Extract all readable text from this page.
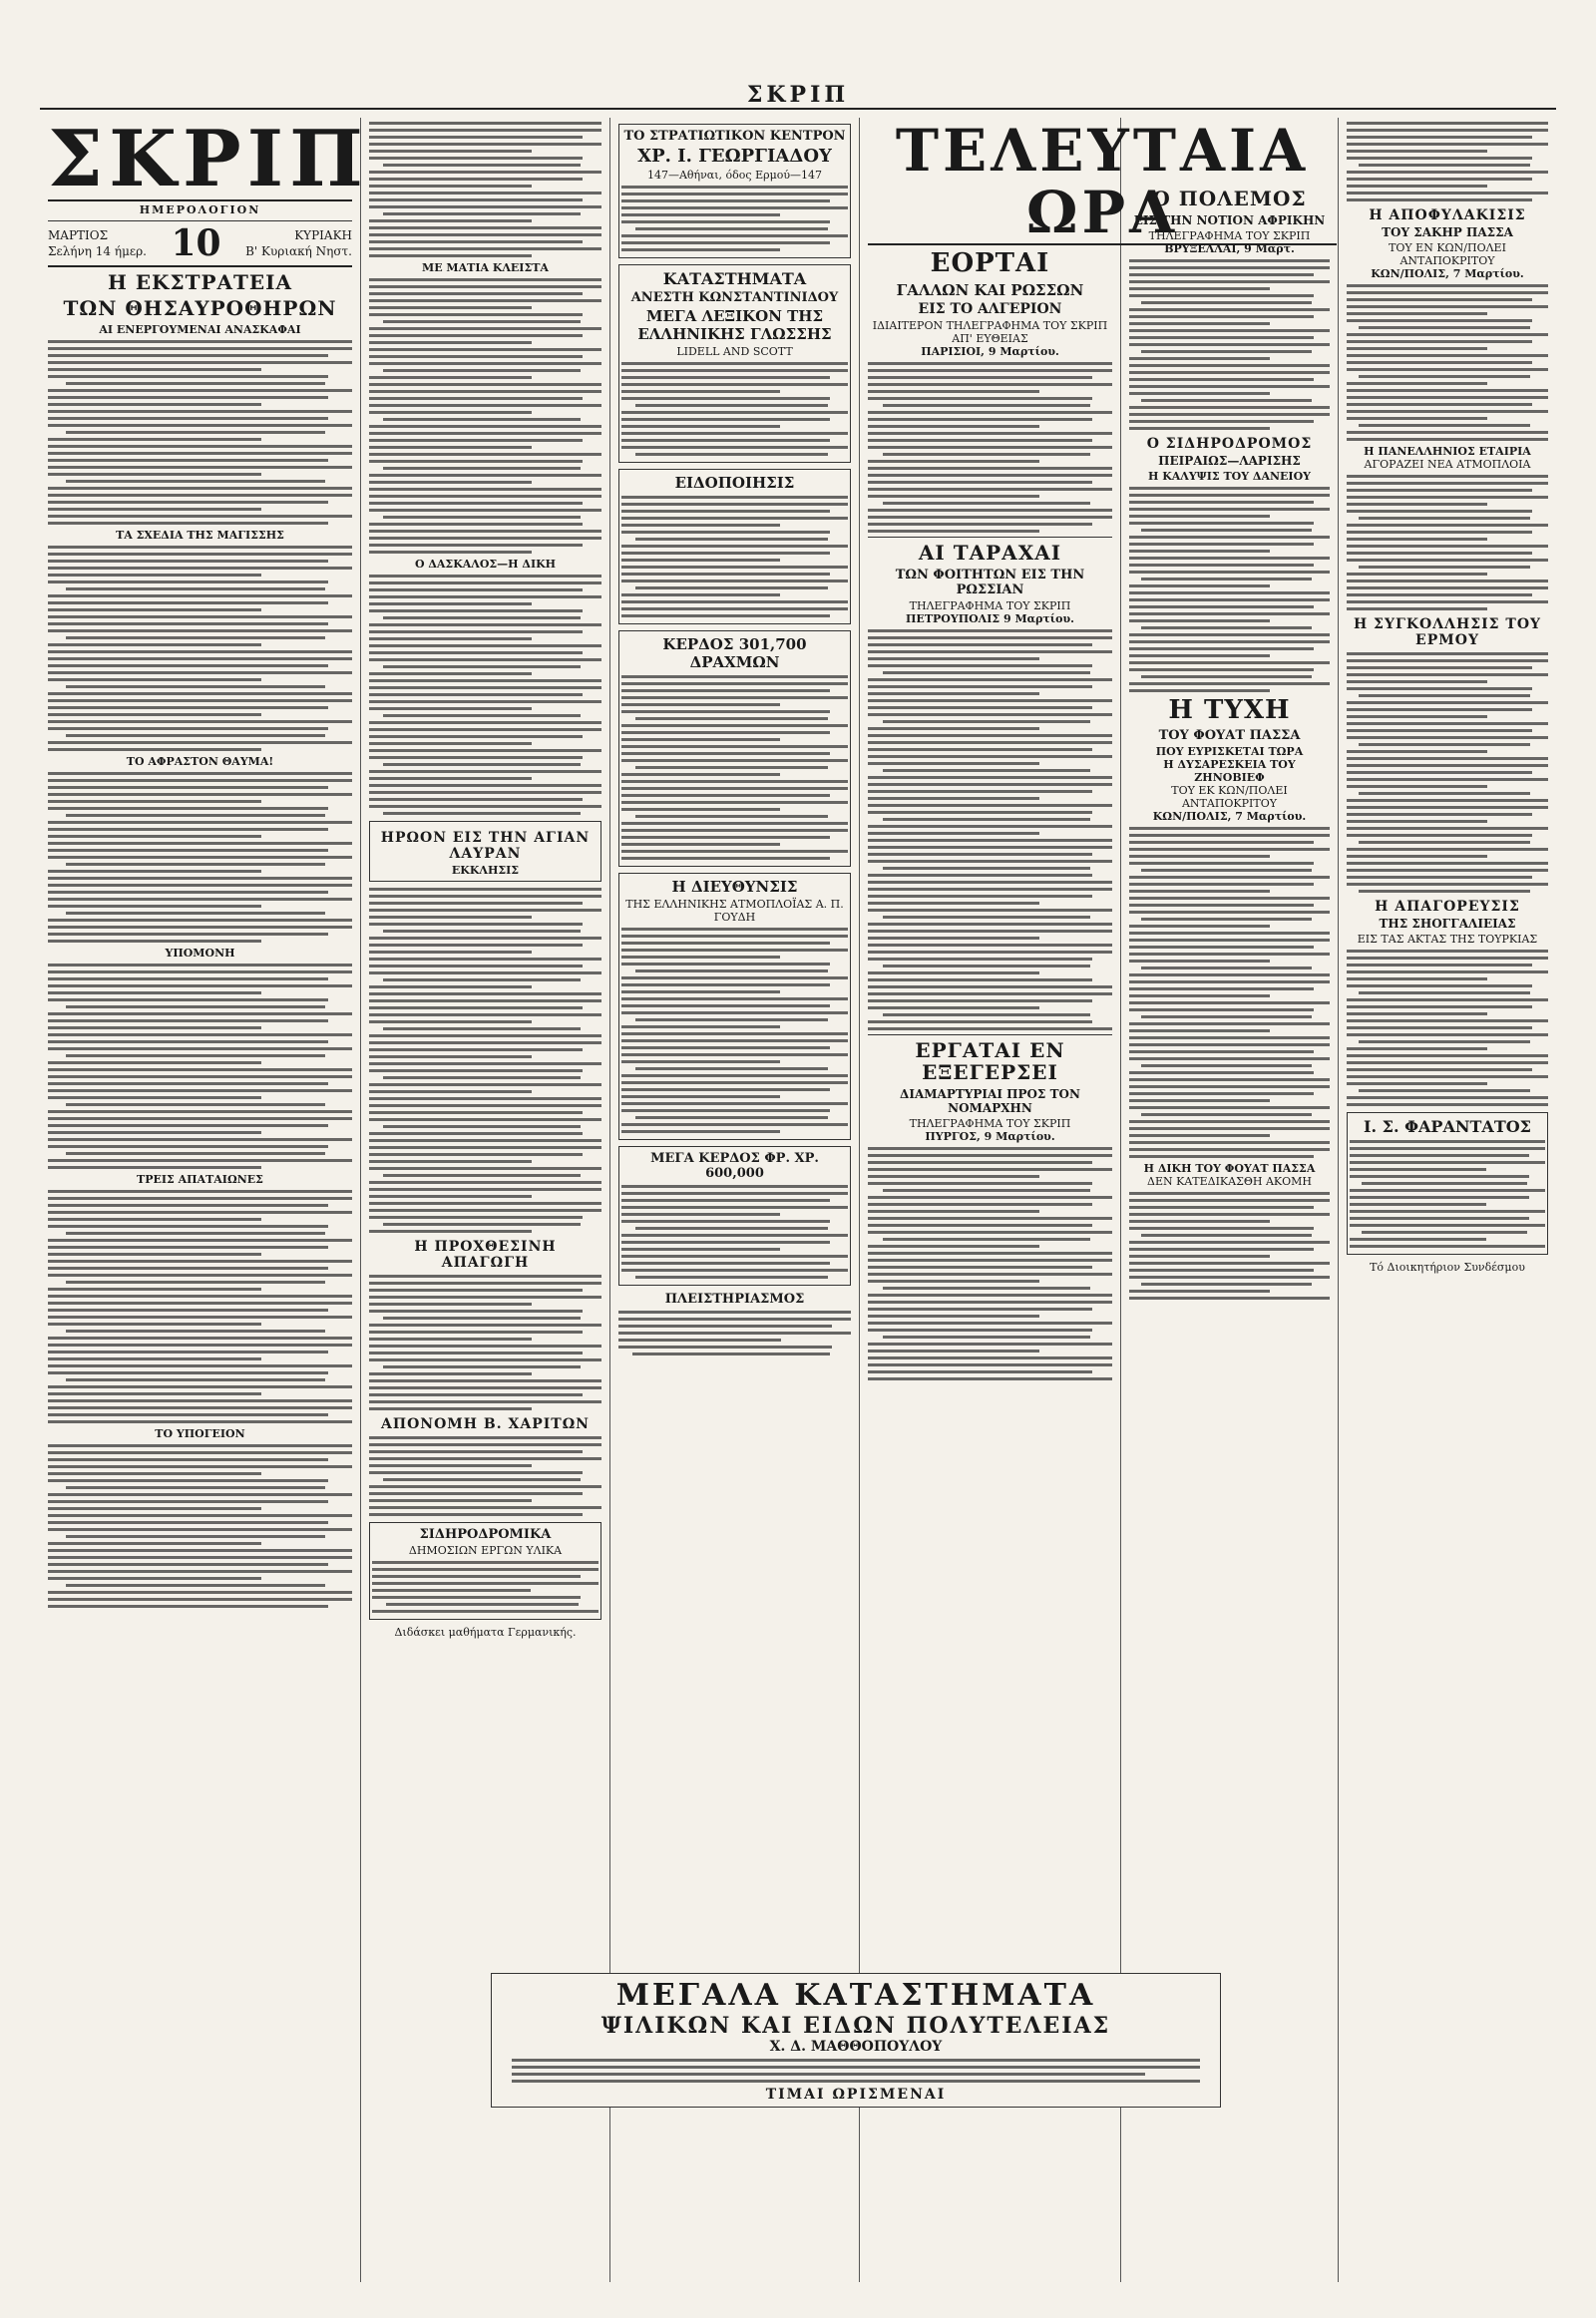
ΣΚΡΙΠ
ΣΚΡΙΠ
ΗΜΕΡΟΛΟΓΙΟΝ
ΜΑΡΤΙΟΣ
Σελήνη 14 ήμερ. 10	ΚΥΡΙΑΚΗ
Β' Κυριακή Νηστ.
Η ΕΚΣΤΡΑΤΕΙΑ
ΤΩΝ ΘΗΣΑΥΡΟΘΗΡΩΝ
ΑΙ ΕΝΕΡΓΟΥΜΕΝΑΙ ΑΝΑΣΚΑΦΑΙ
ΤΑ ΣΧΕΔΙΑ ΤΗΣ ΜΑΓΙΣΣΗΣ
ΤΟ ΑΦΡΑΣΤΟΝ ΘΑΥΜΑ!
ΥΠΟΜΟΝΗ
ΤΡΕΙΣ ΑΠΑΤΑΙΩΝΕΣ
ΤΟ ΥΠΟΓΕΙΟΝ
ΜΕ ΜΑΤΙΑ ΚΛΕΙΣΤΑ
Ο ΔΑΣΚΑΛΟΣ—Η ΔΙΚΗ
ΗΡΩΟΝ ΕΙΣ ΤΗΝ ΑΓΙΑΝ ΛΑΥΡΑΝ
ΕΚΚΛΗΣΙΣ
Η ΠΡΟΧΘΕΣΙΝΗ ΑΠΑΓΩΓΗ
ΑΠΟΝΟΜΗ Β. ΧΑΡΙΤΩΝ
ΣΙΔΗΡΟΔΡΟΜΙΚΑ
ΔΗΜΟΣΙΩΝ ΕΡΓΩΝ ΥΛΙΚΑ
Διδάσκει μαθήματα Γερμανικής.
ΤΟ ΣΤΡΑΤΙΩΤΙΚΟΝ ΚΕΝΤΡΟΝ
ΧΡ. Ι. ΓΕΩΡΓΙΑΔΟΥ
147—Αθήναι, όδος Ερμού—147
ΚΑΤΑΣΤΗΜΑΤΑ
ΑΝΕΣΤΗ ΚΩΝΣΤΑΝΤΙΝΙΔΟΥ
ΜΕΓΑ ΛΕΞΙΚΟΝ ΤΗΣ ΕΛΛΗΝΙΚΗΣ ΓΛΩΣΣΗΣ
LIDELL AND SCOTT
ΕΙΔΟΠΟΙΗΣΙΣ
ΚΕΡΔΟΣ 301,700 ΔΡΑΧΜΩΝ
Η ΔΙΕΥΘΥΝΣΙΣ
ΤΗΣ ΕΛΛΗΝΙΚΗΣ ΑΤΜΟΠΛΟΪΑΣ Α. Π. ΓΟΥΔΗ
ΜΕΓΑ ΚΕΡΔΟΣ ΦΡ. ΧΡ. 600,000
ΠΛΕΙΣΤΗΡΙΑΣΜΟΣ
ΤΕΛΕΥΤΑΙΑ ΩΡΑ
ΕΟΡΤΑΙ
ΓΑΛΛΩΝ ΚΑΙ ΡΩΣΣΩΝ
ΕΙΣ ΤΟ ΑΛΓΕΡΙΟΝ
ΙΔΙΑΙΤΕΡΟΝ ΤΗΛΕΓΡΑΦΗΜΑ ΤΟΥ ΣΚΡΙΠ ΑΠ' ΕΥΘΕΙΑΣ
ΠΑΡΙΣΙΟΙ, 9 Μαρτίου.
ΑΙ ΤΑΡΑΧΑΙ
ΤΩΝ ΦΟΙΤΗΤΩΝ ΕΙΣ ΤΗΝ ΡΩΣΣΙΑΝ
ΤΗΛΕΓΡΑΦΗΜΑ ΤΟΥ ΣΚΡΙΠ
ΠΕΤΡΟΥΠΟΛΙΣ 9 Μαρτίου.
ΕΡΓΑΤΑΙ ΕΝ ΕΞΕΓΕΡΣΕΙ
ΔΙΑΜΑΡΤΥΡΙΑΙ ΠΡΟΣ ΤΟΝ ΝΟΜΑΡΧΗΝ
ΤΗΛΕΓΡΑΦΗΜΑ ΤΟΥ ΣΚΡΙΠ
ΠΥΡΓΟΣ, 9 Μαρτίου.
Ο ΠΟΛΕΜΟΣ
ΕΙΣ ΤΗΝ ΝΟΤΙΟΝ ΑΦΡΙΚΗΝ
ΤΗΛΕΓΡΑΦΗΜΑ ΤΟΥ ΣΚΡΙΠ
ΒΡΥΞΕΛΛΑΙ, 9 Μαρτ.
Ο ΣΙΔΗΡΟΔΡΟΜΟΣ
ΠΕΙΡΑΙΩΣ—ΛΑΡΙΣΗΣ
Η ΚΑΛΥΨΙΣ ΤΟΥ ΔΑΝΕΙΟΥ
Η ΤΥΧΗ
ΤΟΥ ΦΟΥΑΤ ΠΑΣΣΑ
ΠΟΥ ΕΥΡΙΣΚΕΤΑΙ ΤΩΡΑ
Η ΔΥΣΑΡΕΣΚΕΙΑ ΤΟΥ ΖΗΝΟΒΙΕΦ
ΤΟΥ ΕΚ ΚΩΝ/ΠΟΛΕΙ ΑΝΤΑΠΟΚΡΙΤΟΥ
ΚΩΝ/ΠΟΛΙΣ, 7 Μαρτίου.
Η ΔΙΚΗ ΤΟΥ ΦΟΥΑΤ ΠΑΣΣΑ
ΔΕΝ ΚΑΤΕΔΙΚΑΣΘΗ ΑΚΟΜΗ
Η ΑΠΟΦΥΛΑΚΙΣΙΣ
ΤΟΥ ΣΑΚΗΡ ΠΑΣΣΑ
ΤΟΥ ΕΝ ΚΩΝ/ΠΟΛΕΙ ΑΝΤΑΠΟΚΡΙΤΟΥ
ΚΩΝ/ΠΟΛΙΣ, 7 Μαρτίου.
Η ΠΑΝΕΛΛΗΝΙΟΣ ΕΤΑΙΡΙΑ
ΑΓΟΡΑΖΕΙ ΝΕΑ ΑΤΜΟΠΛΟΙΑ
Η ΣΥΓΚΟΛΛΗΣΙΣ ΤΟΥ ΕΡΜΟΥ
Η ΑΠΑΓΟΡΕΥΣΙΣ
ΤΗΣ ΣΗΟΓΓΑΛΙΕΙΑΣ
ΕΙΣ ΤΑΣ ΑΚΤΑΣ ΤΗΣ ΤΟΥΡΚΙΑΣ
Ι. Σ. ΦΑΡΑΝΤΑΤΟΣ
Τό Διοικητήριον Συνδέσμου
ΜΕΓΑΛΑ ΚΑΤΑΣΤΗΜΑΤΑ
ΨΙΛΙΚΩΝ ΚΑΙ ΕΙΔΩΝ ΠΟΛΥΤΕΛΕΙΑΣ
Χ. Δ. ΜΑΘΘΟΠΟΥΛΟΥ
ΤΙΜΑΙ ΩΡΙΣΜΕΝΑΙ
